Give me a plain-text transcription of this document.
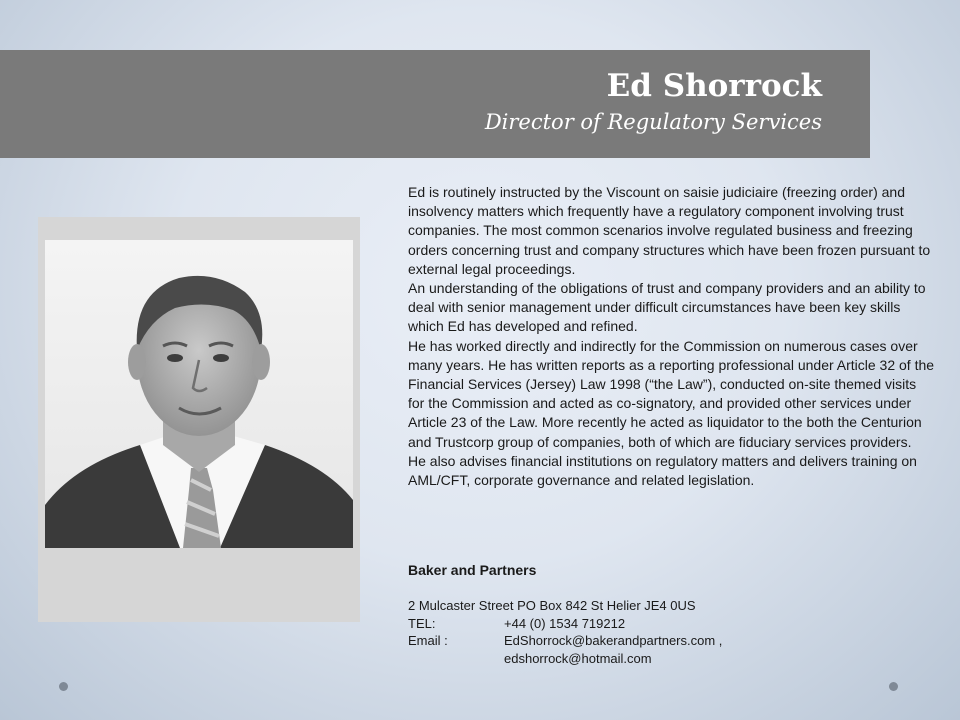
Ed Shorrock
Director of Regulatory Services

Ed is routinely instructed by the Viscount on saisie judiciaire (freezing order) and insolvency matters which frequently have a regulatory component involving trust companies. The most common scenarios involve regulated business and freezing orders concerning trust and company structures which have been frozen pursuant to external legal proceedings.

An understanding of the obligations of trust and company providers and an ability to deal with senior management under difficult circumstances have been key skills which Ed has developed and refined.

He has worked directly and indirectly for the Commission on numerous cases over many years. He has written reports as a reporting professional under Article 32 of the Financial Services (Jersey) Law 1998 (“the Law”), conducted on-site themed visits for the Commission and acted as co-signatory, and provided other services under Article 23 of the Law. More recently he acted as liquidator to the both the Centurion and Trustcorp group of companies, both of which are fiduciary services providers.

He also advises financial institutions on regulatory matters and delivers training on AML/CFT, corporate governance and related legislation.

Baker and Partners
2 Mulcaster Street PO Box 842 St Helier JE4 0US
TEL:	+44 (0) 1534 719212
Email :	EdShorrock@bakerandpartners.com ,
edshorrock@hotmail.com
